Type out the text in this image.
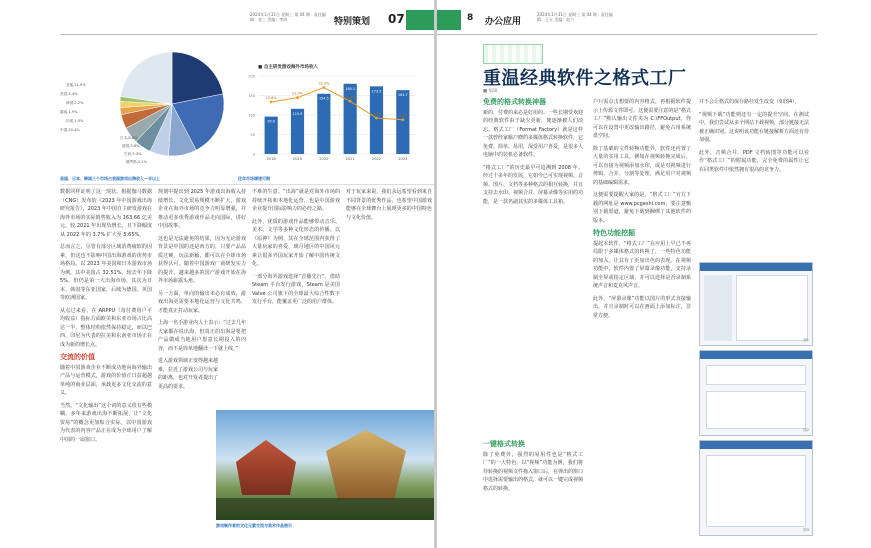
2024年1月31日 星期三 第 04 期 · 责任编辑：张三 美编：李四	特别策划 07
俄罗斯,5.1%
巴西,5.3%
德国,5.8%
日本,8.8%
中国,20.4%
印度,1.5%
越南,1.9%
韩国,2.2%
美国,4.4%
其他,21.9%
美国、日本、韩国三个市场占我国游戏出海收入一半以上
■ 自主研发游戏海外市场收入
0
50
100
150
200
95.9
2018
115.9
2019
154.5
2020
180.1
2021
173.5
2022
163.7
2023
15.8%
21.0%
33.3%
16.6%
-3.7%	-5.7%
往年市场增速可期

数据同样证明了这一现状。根据伽马数据（CNG）发布的《2023 年中国游戏出海研究报告》，2023 年中国自主研发游戏在海外市场的实际销售收入为 163.66 亿美元，较 2021 年出现负增长，且下降幅度从 2022 年的 3.7% 扩大至 5.65%。

总而言之，尽管有部分区域消费疲软的因素，但这也不影响中国出海游戏的优势市场格局。以 2023 年美国和日本游戏市场为例，其中美国占 32.51%，较去年下降 5%，但仍是第一大出海市场，其次为日本、韩国等东亚国家，后续为德国、英国等欧洲国家。

从点过来看，在 ARPPU（每付费用户平均收益）指标方面欧美和东亚市场占比高达一半，整体结构依然保持稳定，而以巴西、印尼为代表的拉美和东南亚市场正在成为新的增长点。

交流的价值

随着中国游戏企业不断成功地向海外输出产品与运营模式，游戏的价值正日益超越单纯的商业层面，承载更多文化交流的意义。

当然，“文化输出”这个词的意义很有些模糊。多年来游戏出海不断拓展，让“文化贸易”的概念更加贴合实际，以中国游戏为代表的内容产品正在成为全球用户了解中国的一扇窗口。

规划中提出到 2025 年游戏出海收入持续增长，文化贸易规模不断扩大，游戏企业在海外市场的竞争力明显增强，并推动更多优秀游戏作品走向国际，讲好中国故事。

这也是无法避免的结果，因为无论游戏背景是中国的还是西方的，只要产品品质过硬、玩法新颖，都可以在全球市场获得认可。随着中国游戏厂商研发实力的提升，越来越多的国产游戏开始在海外市场崭露头角。

另一方面，单向的输出未必有成效，游戏出海更需要本地化运营与文化共鸣，才能真正打动玩家。

上海一名手游业内人士表示：“过去几年大家都在说出海，但真正的出海是要把产品做成当地用户愿意长期投入的内容，而不是简单地翻译一下就上线。”

进入游戏领域正变得越来越难，拉近了游戏公司与玩家的距离，也对开发者提出了更高的要求。

不难的生意。“出海”就是对海外市场的持续开拓和本地化运营，也是中国游戏企业提升国际影响力的必经之路。

此外，优质的游戏作品能够带动音乐、美术、文学等多种文化形态的传播。以《原神》为例，其在全球范围内获得了大量玩家的喜爱，璃月地区的中国风元素让很多外国玩家开始了解中国传统文化。

一部分海外游戏选择“首播先行”，借助 Steam 平台发行游戏，Steam 是美国 Valve 公司旗下的全球最大综合性数字发行平台，能覆盖更广泛的用户群体。

对于玩家来说，我们永远希望看到来自不同背景的优秀作品，也希望中国游戏能够在全球舞台上展现更多的中国特色与文化价值。

游戏制作者的文化元素交流与美术作品展示
8 办公应用
2024年1月31日 星期三 第 04 期 · 责任编辑：王五 美编：赵六
重温经典软件之格式工厂
■ 编辑
免费的格式转换神器

新的、付费的来必是好用的。一些长期受欢迎的经典软件由于缺少更新，便逐渐被人们淡忘。格式工厂（Format Factory）就是这样一款曾经家喻户晓的多媒体格式转换软件，它免费、简单、易用，深受用户喜爱，是很多人电脑中的装机必备软件。

“格式工厂”的历史最早可追溯到 2008 年。经过十多年的发展，它如今已可实现视频、音频、图片、文档等多种格式的相互转换，并且支持去水印、视频合并、屏幕录像等实用的功能，是一款名副其实的多媒体工具箱。

一键格式转换

除了免费外，强烈的易用性也是“格式工厂”的一大特色，以“视频”功能为例，我们将待转换的视频文件拖入窗口后，在弹出的窗口中选择需要输出的格式，就可以一键完成视频格式的转换。

户只需点击想要的内容格式，再根据软件提示上传源文件即可，这便需要注意的是“格式工厂”默认输出文件夹为 C:\FFOutput，你可以在设置中更改输出路径，避免占用系统盘空间。

除了基础的文件转换功能外，软件还内置了大量的实用工具。例如在视频转换完成后，可以直接为视频添加水印，或是对视频进行剪辑、合并、分割等处理，满足用户对视频的基础编辑需求。

这便需要提醒大家的是，“格式工厂”官方下载的网址是 www.pcgeshi.com，要注意甄别下载渠道，避免下载到捆绑了其他软件的版本。

特色功能挖掘

提起本软件，“格式工厂”在应用上早已不再局限于多媒体格式的转换了，一些特色功能的加入，让其有了更加出色的表现。在视频功能中，软件内置了屏幕录像功能，支持录制全屏或指定区域，并可以选择是否录制系统声音和麦克风声音。

此外，“屏幕录像”功能以图片的形式直接输出，并且录制时可以在画面上添加标注，非常方便。

并不会让格式的保存路径发生改变（如图4）。

“视频下载”功能则还有一定的提升空间。在测试中，我们尝试从多个网站下载视频，部分链接无法被正确识别。这说明该功能在链接解析方面还有待加强。

此外，音频合并、PDF 文档转图等功能可以看作“格式工厂”的附属功能，完全免费的属性让它在同类软件中依然拥有很高的竞争力。

图1
图2
图3
